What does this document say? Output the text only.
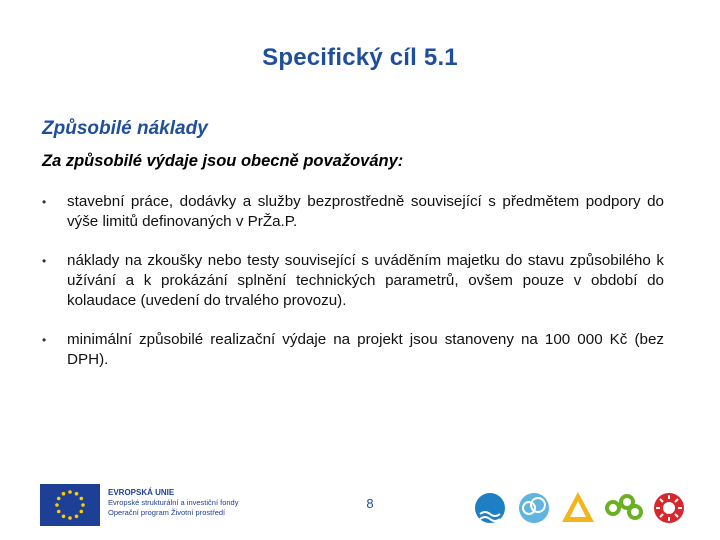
Specifický cíl 5.1
Způsobilé náklady
Za způsobilé výdaje jsou obecně považovány:
• stavební práce, dodávky a služby bezprostředně související s předmětem podpory do výše limitů definovaných v PrŽa.P.
• náklady na zkoušky nebo testy související s uváděním majetku do stavu způsobilého k užívání a k prokázání splnění technických parametrů, ovšem pouze v období do kolaudace (uvedení do trvalého provozu).
• minimální způsobilé realizační výdaje na projekt jsou stanoveny na 100 000 Kč (bez DPH).
EVROPSKÁ UNIE
Evropské strukturální a investiční fondy
Operační program Životní prostředí
8
